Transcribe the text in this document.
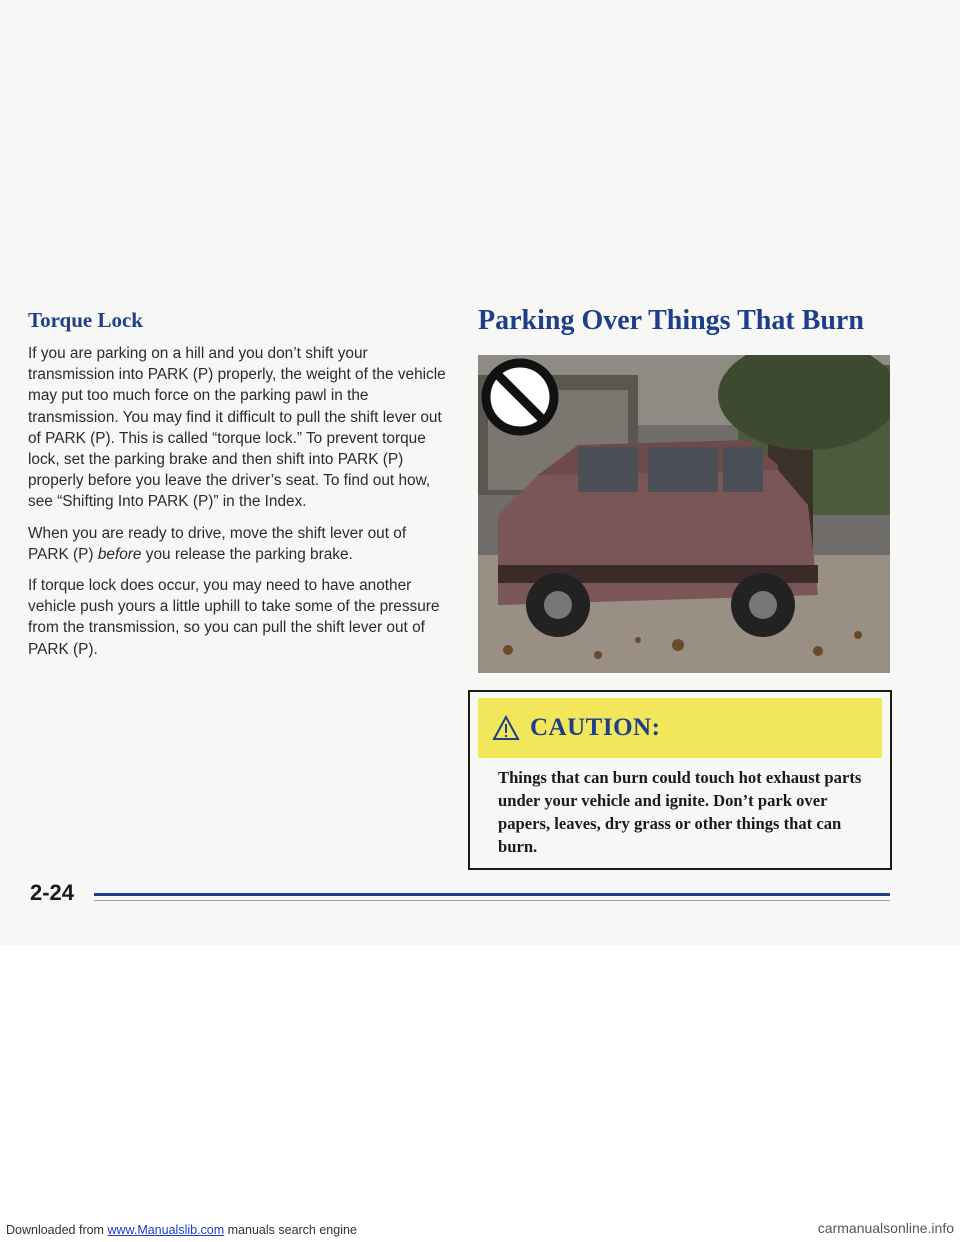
Torque Lock

If you are parking on a hill and you don’t shift your transmission into PARK (P) properly, the weight of the vehicle may put too much force on the parking pawl in the transmission. You may find it difficult to pull the shift lever out of PARK (P). This is called “torque lock.” To prevent torque lock, set the parking brake and then shift into PARK (P) properly before you leave the driver’s seat. To find out how, see “Shifting Into PARK (P)” in the Index.

When you are ready to drive, move the shift lever out of PARK (P) before you release the parking brake.

If torque lock does occur, you may need to have another vehicle push yours a little uphill to take some of the pressure from the transmission, so you can pull the shift lever out of PARK (P).

Parking Over Things That Burn
CAUTION:

Things that can burn could touch hot exhaust parts under your vehicle and ignite. Don’t park over papers, leaves, dry grass or other things that can burn.

2-24
Downloaded from www.Manualslib.com manuals search engine	carmanualsonline.info
